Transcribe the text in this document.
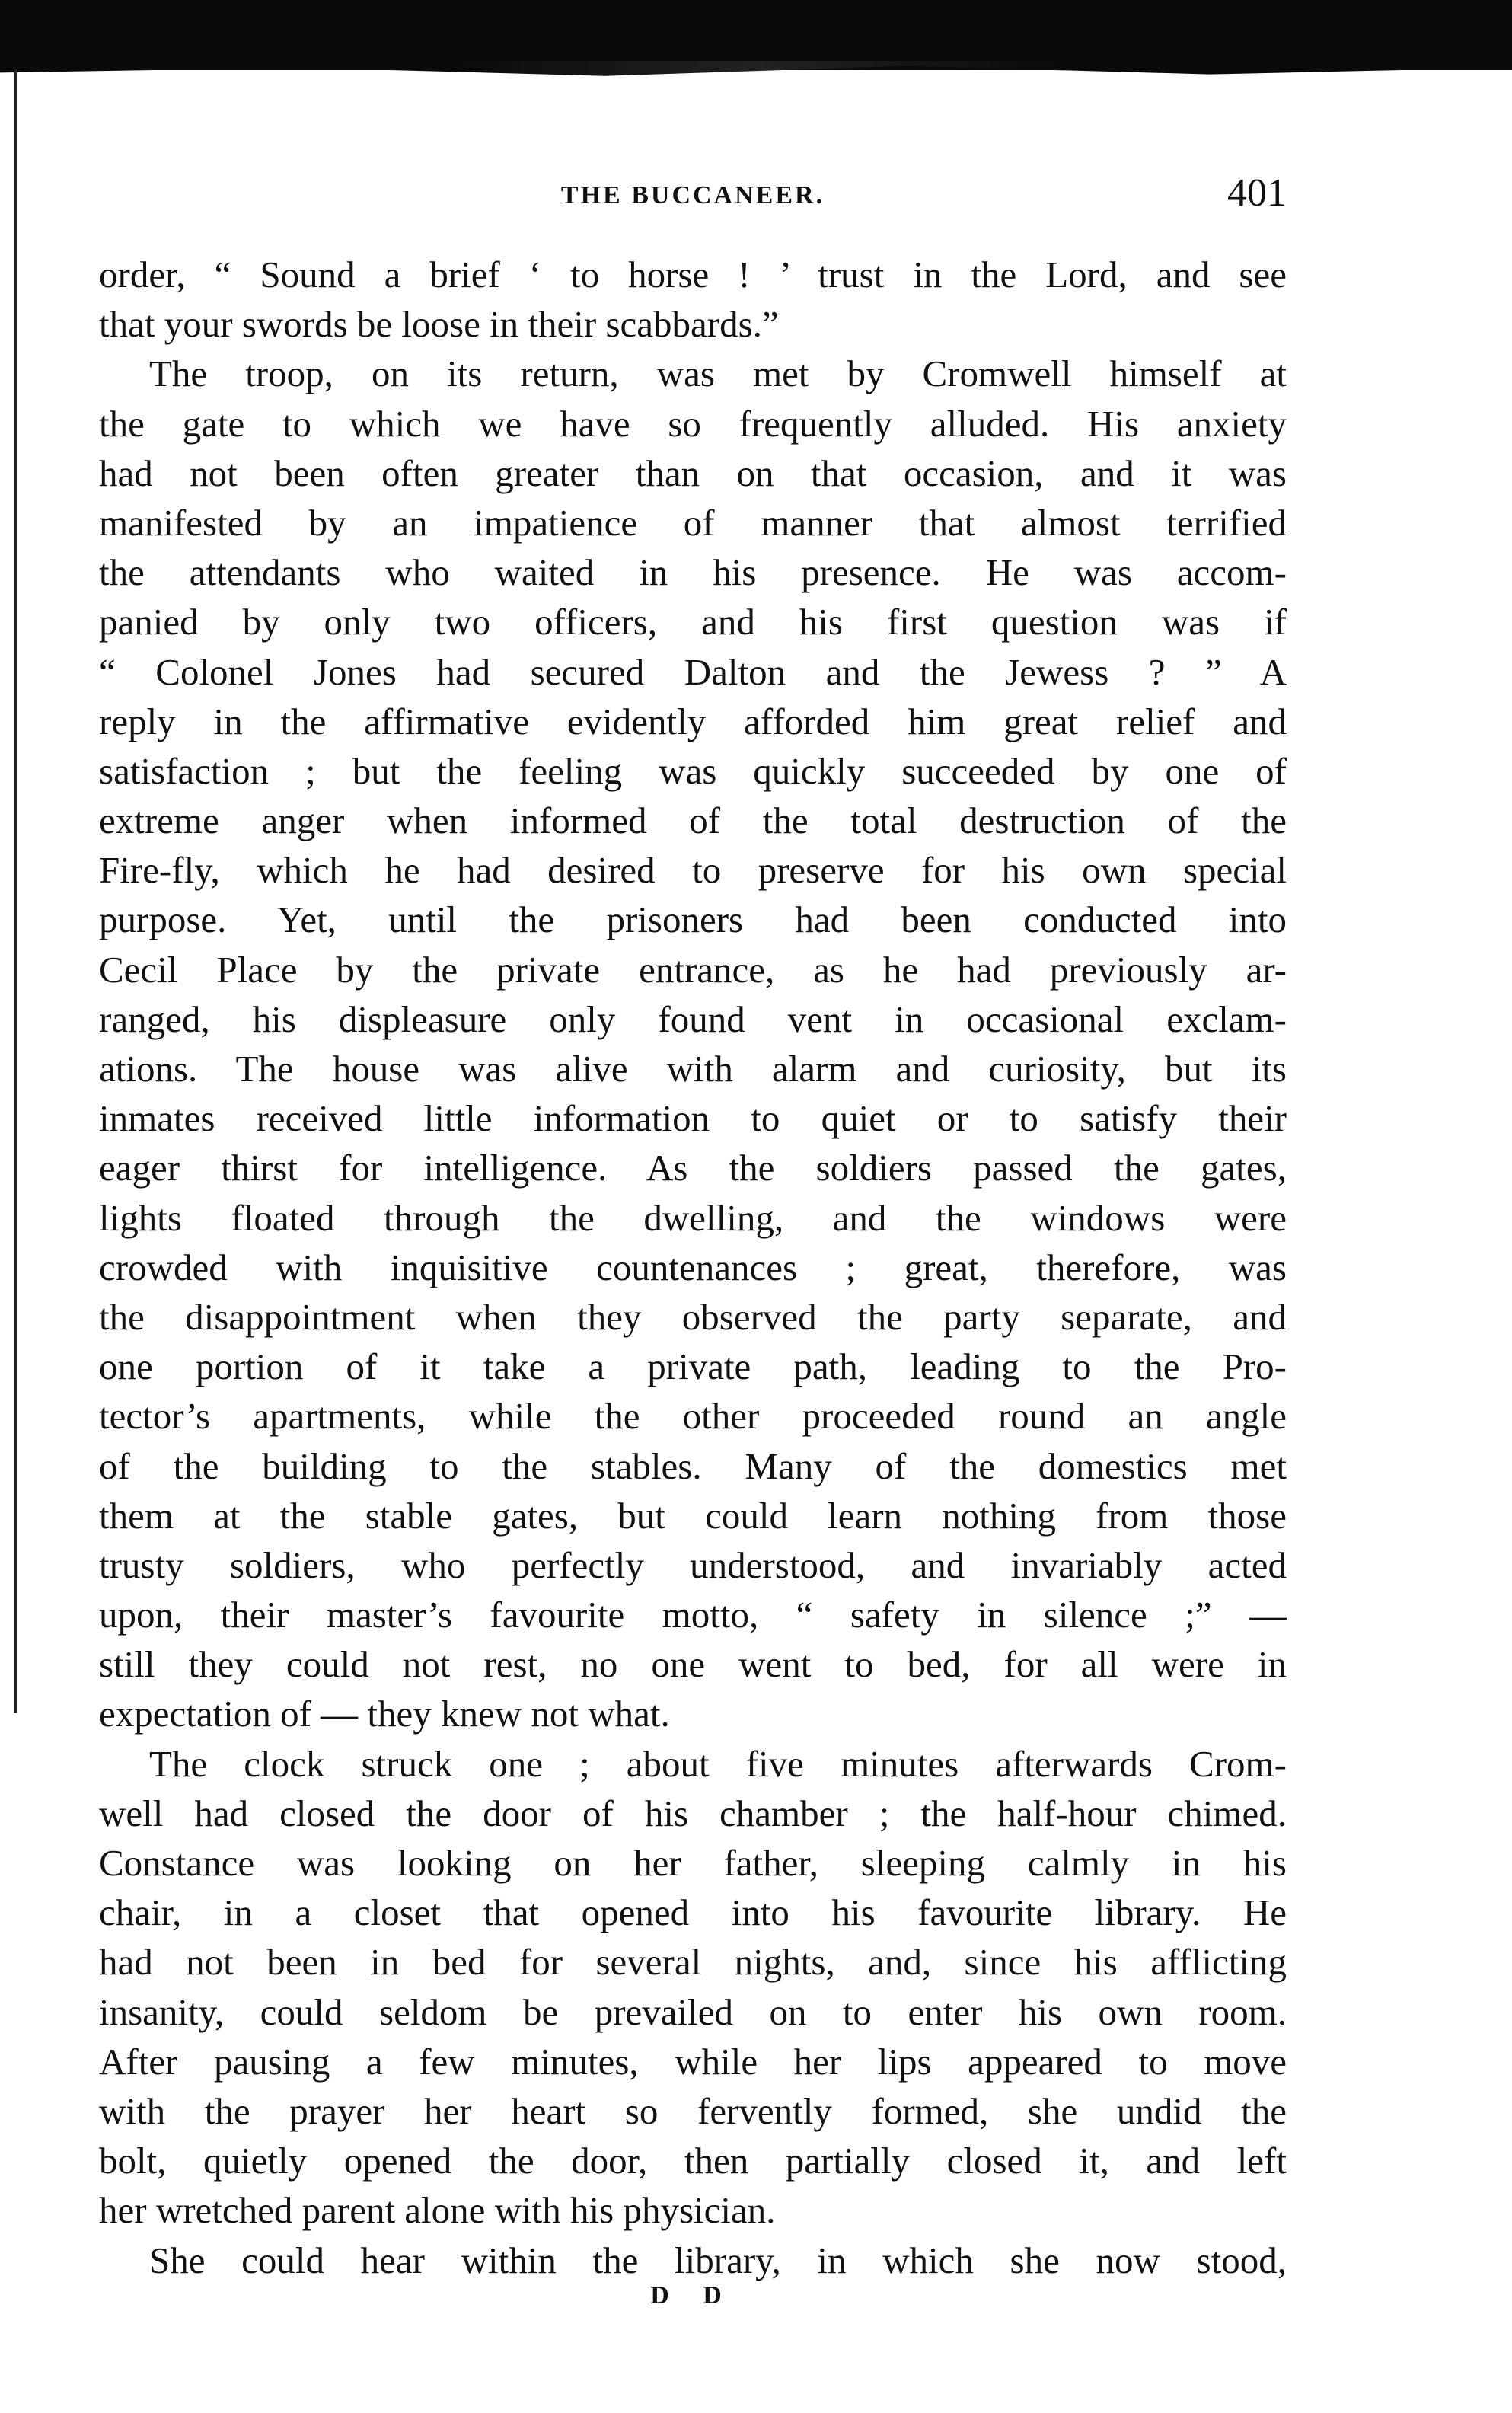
THE BUCCANEER.	401
order, “ Sound a brief ‘ to horse ! ’ trust in the Lord, and see
that your swords be loose in their scabbards.”
The troop, on its return, was met by Cromwell himself at
the gate to which we have so frequently alluded. His anxiety
had not been often greater than on that occasion, and it was
manifested by an impatience of manner that almost terrified
the attendants who waited in his presence. He was accom-
panied by only two officers, and his first question was if
“ Colonel Jones had secured Dalton and the Jewess ? ” A
reply in the affirmative evidently afforded him great relief and
satisfaction ; but the feeling was quickly succeeded by one of
extreme anger when informed of the total destruction of the
Fire-fly, which he had desired to preserve for his own special
purpose. Yet, until the prisoners had been conducted into
Cecil Place by the private entrance, as he had previously ar-
ranged, his displeasure only found vent in occasional exclam-
ations. The house was alive with alarm and curiosity, but its
inmates received little information to quiet or to satisfy their
eager thirst for intelligence. As the soldiers passed the gates,
lights floated through the dwelling, and the windows were
crowded with inquisitive countenances ; great, therefore, was
the disappointment when they observed the party separate, and
one portion of it take a private path, leading to the Pro-
tector’s apartments, while the other proceeded round an angle
of the building to the stables. Many of the domestics met
them at the stable gates, but could learn nothing from those
trusty soldiers, who perfectly understood, and invariably acted
upon, their master’s favourite motto, “ safety in silence ;” —
still they could not rest, no one went to bed, for all were in
expectation of — they knew not what.
The clock struck one ; about five minutes afterwards Crom-
well had closed the door of his chamber ; the half-hour chimed.
Constance was looking on her father, sleeping calmly in his
chair, in a closet that opened into his favourite library. He
had not been in bed for several nights, and, since his afflicting
insanity, could seldom be prevailed on to enter his own room.
After pausing a few minutes, while her lips appeared to move
with the prayer her heart so fervently formed, she undid the
bolt, quietly opened the door, then partially closed it, and left
her wretched parent alone with his physician.
She could hear within the library, in which she now stood,
D D
